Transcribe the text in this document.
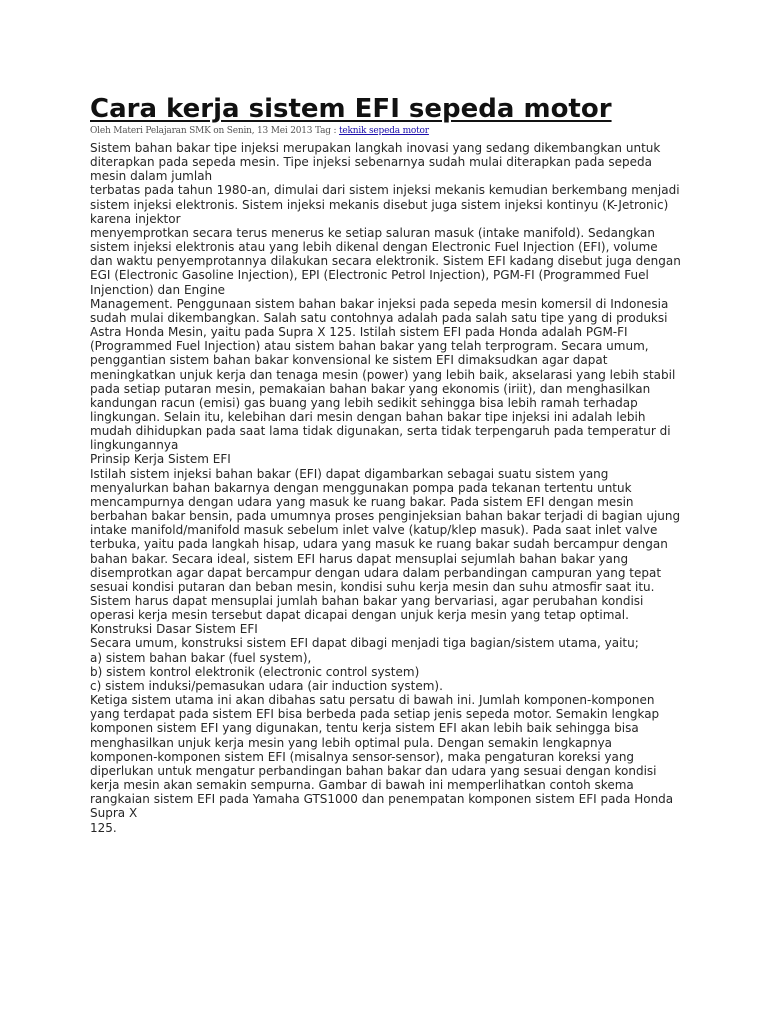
Cara kerja sistem EFI sepeda motor
Oleh Materi Pelajaran SMK on Senin, 13 Mei 2013 Tag : teknik sepeda motor
Sistem bahan bakar tipe injeksi merupakan langkah inovasi yang sedang dikembangkan untuk
diterapkan pada sepeda mesin. Tipe injeksi sebenarnya sudah mulai diterapkan pada sepeda
mesin dalam jumlah
terbatas pada tahun 1980-an, dimulai dari sistem injeksi mekanis kemudian berkembang menjadi
sistem injeksi elektronis. Sistem injeksi mekanis disebut juga sistem injeksi kontinyu (K-Jetronic)
karena injektor
menyemprotkan secara terus menerus ke setiap saluran masuk (intake manifold). Sedangkan
sistem injeksi elektronis atau yang lebih dikenal dengan Electronic Fuel Injection (EFI), volume
dan waktu penyemprotannya dilakukan secara elektronik. Sistem EFI kadang disebut juga dengan
EGI (Electronic Gasoline Injection), EPI (Electronic Petrol Injection), PGM-FI (Programmed Fuel
Injenction) dan Engine
Management. Penggunaan sistem bahan bakar injeksi pada sepeda mesin komersil di Indonesia
sudah mulai dikembangkan. Salah satu contohnya adalah pada salah satu tipe yang di produksi
Astra Honda Mesin, yaitu pada Supra X 125. Istilah sistem EFI pada Honda adalah PGM-FI
(Programmed Fuel Injection) atau sistem bahan bakar yang telah terprogram. Secara umum,
penggantian sistem bahan bakar konvensional ke sistem EFI dimaksudkan agar dapat
meningkatkan unjuk kerja dan tenaga mesin (power) yang lebih baik, akselarasi yang lebih stabil
pada setiap putaran mesin, pemakaian bahan bakar yang ekonomis (iriit), dan menghasilkan
kandungan racun (emisi) gas buang yang lebih sedikit sehingga bisa lebih ramah terhadap
lingkungan. Selain itu, kelebihan dari mesin dengan bahan bakar tipe injeksi ini adalah lebih
mudah dihidupkan pada saat lama tidak digunakan, serta tidak terpengaruh pada temperatur di
lingkungannya
Prinsip Kerja Sistem EFI
Istilah sistem injeksi bahan bakar (EFI) dapat digambarkan sebagai suatu sistem yang
menyalurkan bahan bakarnya dengan menggunakan pompa pada tekanan tertentu untuk
mencampurnya dengan udara yang masuk ke ruang bakar. Pada sistem EFI dengan mesin
berbahan bakar bensin, pada umumnya proses penginjeksian bahan bakar terjadi di bagian ujung
intake manifold/manifold masuk sebelum inlet valve (katup/klep masuk). Pada saat inlet valve
terbuka, yaitu pada langkah hisap, udara yang masuk ke ruang bakar sudah bercampur dengan
bahan bakar. Secara ideal, sistem EFI harus dapat mensuplai sejumlah bahan bakar yang
disemprotkan agar dapat bercampur dengan udara dalam perbandingan campuran yang tepat
sesuai kondisi putaran dan beban mesin, kondisi suhu kerja mesin dan suhu atmosfir saat itu.
Sistem harus dapat mensuplai jumlah bahan bakar yang bervariasi, agar perubahan kondisi
operasi kerja mesin tersebut dapat dicapai dengan unjuk kerja mesin yang tetap optimal.
Konstruksi Dasar Sistem EFI
Secara umum, konstruksi sistem EFI dapat dibagi menjadi tiga bagian/sistem utama, yaitu;
a) sistem bahan bakar (fuel system),
b) sistem kontrol elektronik (electronic control system)
c) sistem induksi/pemasukan udara (air induction system).
Ketiga sistem utama ini akan dibahas satu persatu di bawah ini. Jumlah komponen-komponen
yang terdapat pada sistem EFI bisa berbeda pada setiap jenis sepeda motor. Semakin lengkap
komponen sistem EFI yang digunakan, tentu kerja sistem EFI akan lebih baik sehingga bisa
menghasilkan unjuk kerja mesin yang lebih optimal pula. Dengan semakin lengkapnya
komponen-komponen sistem EFI (misalnya sensor-sensor), maka pengaturan koreksi yang
diperlukan untuk mengatur perbandingan bahan bakar dan udara yang sesuai dengan kondisi
kerja mesin akan semakin sempurna. Gambar di bawah ini memperlihatkan contoh skema
rangkaian sistem EFI pada Yamaha GTS1000 dan penempatan komponen sistem EFI pada Honda
Supra X
125.
